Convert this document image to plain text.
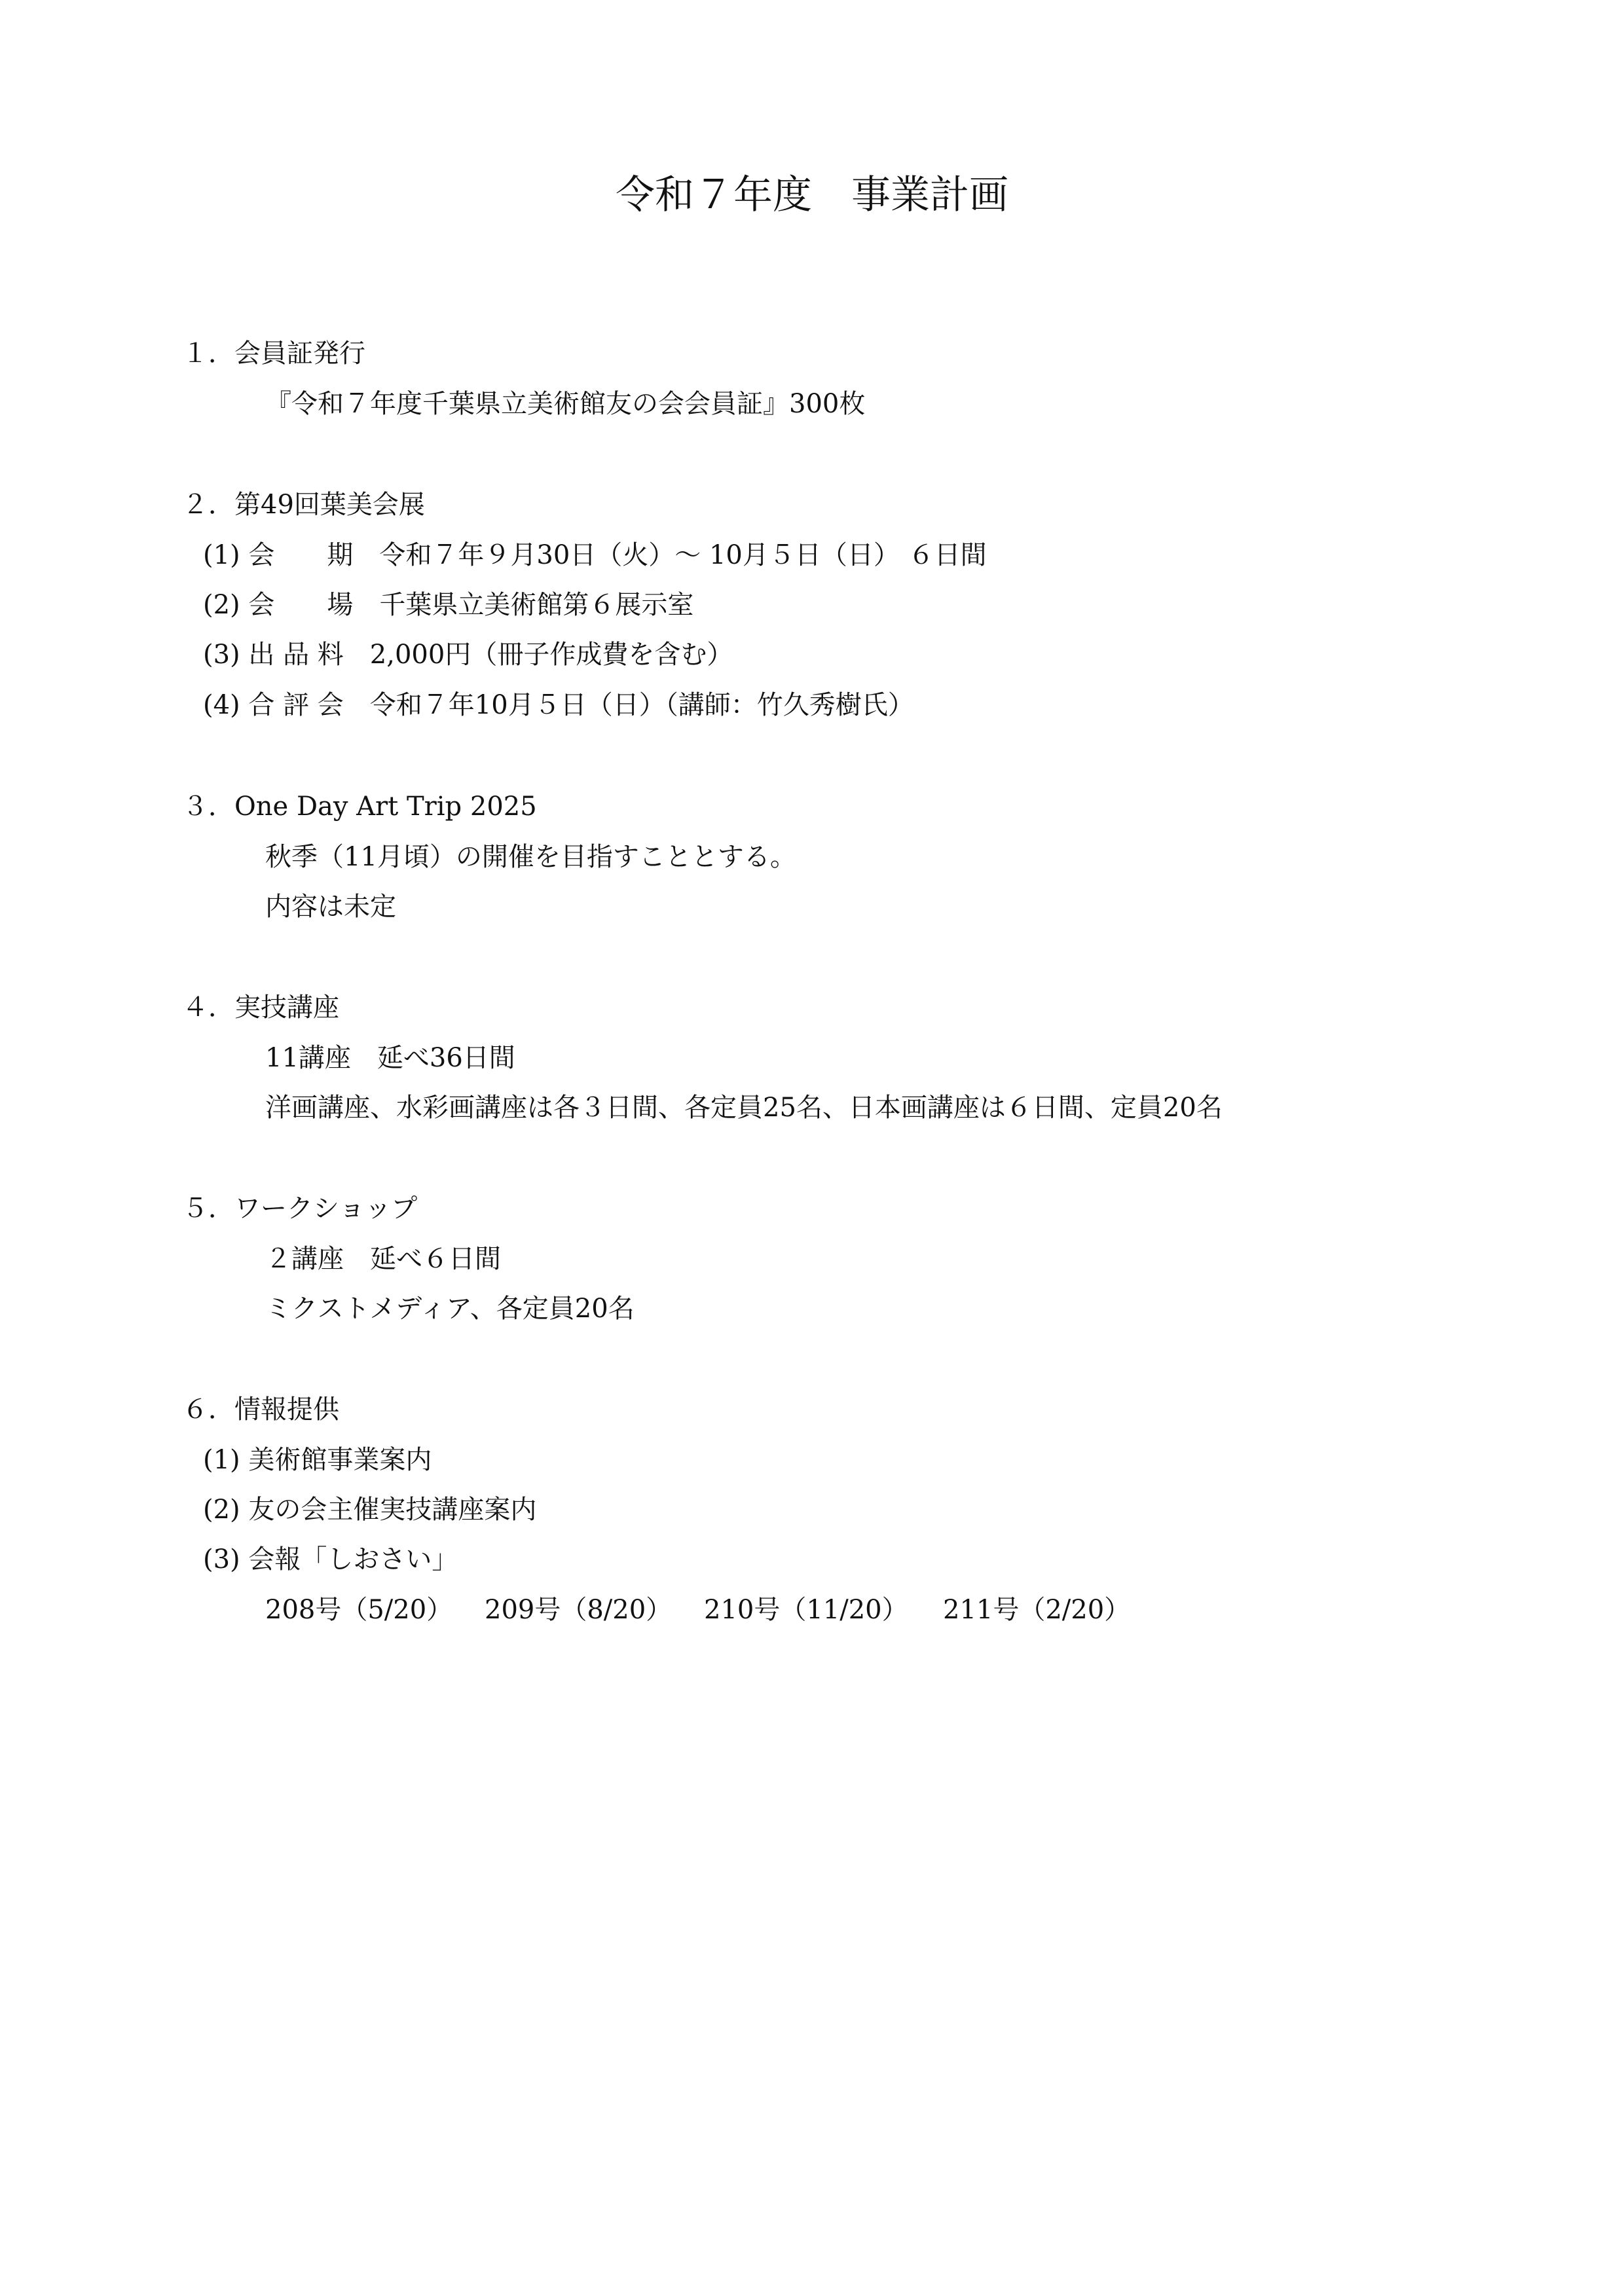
令和７年度　事業計画
１．会員証発行
『令和７年度千葉県立美術館友の会会員証』300枚
２．第49回葉美会展
(1) 会　　期　令和７年９月30日（火）～ 10月５日（日） ６日間
(2) 会　　場　千葉県立美術館第６展示室
(3) 出 品 料　2,000円（冊子作成費を含む）
(4) 合 評 会　令和７年10月５日（日）（講師：竹久秀樹氏）
３．One Day Art Trip 2025
秋季（11月頃）の開催を目指すこととする。
内容は未定
４．実技講座
11講座　延べ36日間
洋画講座、水彩画講座は各３日間、各定員25名、日本画講座は６日間、定員20名
５．ワークショップ
２講座　延べ６日間
ミクストメディア、各定員20名
６．情報提供
(1) 美術館事業案内
(2) 友の会主催実技講座案内
(3) 会報「しおさい」
208号（5/20） 209号（8/20） 210号（11/20） 211号（2/20）
